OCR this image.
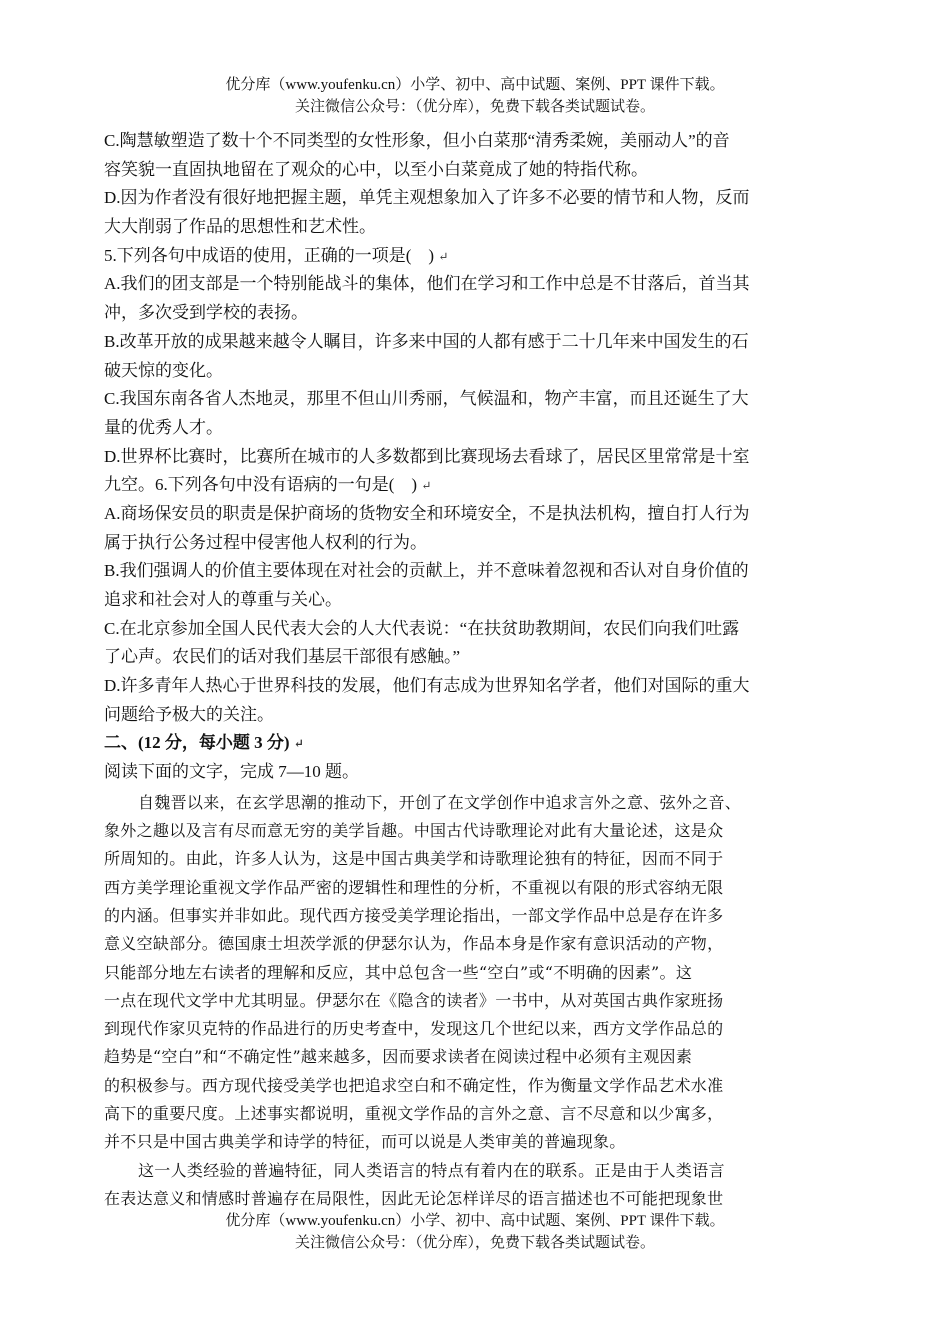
优分库（www.youfenku.cn）小学、初中、高中试题、案例、PPT 课件下载。
关注微信公众号：（优分库），免费下载各类试题试卷。
C.陶慧敏塑造了数十个不同类型的女性形象，但小白菜那“清秀柔婉，美丽动人”的音
容笑貌一直固执地留在了观众的心中，以至小白菜竟成了她的特指代称。
D.因为作者没有很好地把握主题，单凭主观想象加入了许多不必要的情节和人物，反而
大大削弱了作品的思想性和艺术性。
5.下列各句中成语的使用，正确的一项是(　) ↵
A.我们的团支部是一个特别能战斗的集体，他们在学习和工作中总是不甘落后，首当其
冲，多次受到学校的表扬。
B.改革开放的成果越来越令人瞩目，许多来中国的人都有感于二十几年来中国发生的石
破天惊的变化。
C.我国东南各省人杰地灵，那里不但山川秀丽，气候温和，物产丰富，而且还诞生了大
量的优秀人才。
D.世界杯比赛时，比赛所在城市的人多数都到比赛现场去看球了，居民区里常常是十室
九空。6.下列各句中没有语病的一句是(　) ↵
A.商场保安员的职责是保护商场的货物安全和环境安全，不是执法机构，擅自打人行为
属于执行公务过程中侵害他人权利的行为。
B.我们强调人的价值主要体现在对社会的贡献上，并不意味着忽视和否认对自身价值的
追求和社会对人的尊重与关心。
C.在北京参加全国人民代表大会的人大代表说：“在扶贫助教期间，农民们向我们吐露
了心声。农民们的话对我们基层干部很有感触。”
D.许多青年人热心于世界科技的发展，他们有志成为世界知名学者，他们对国际的重大
问题给予极大的关注。
二、(12 分，每小题 3 分) ↵
阅读下面的文字，完成 7—10 题。
自魏晋以来，在玄学思潮的推动下，开创了在文学创作中追求言外之意、弦外之音、
象外之趣以及言有尽而意无穷的美学旨趣。中国古代诗歌理论对此有大量论述，这是众
所周知的。由此，许多人认为，这是中国古典美学和诗歌理论独有的特征，因而不同于
西方美学理论重视文学作品严密的逻辑性和理性的分析，不重视以有限的形式容纳无限
的内涵。但事实并非如此。现代西方接受美学理论指出，一部文学作品中总是存在许多
意义空缺部分。德国康士坦茨学派的伊瑟尔认为，作品本身是作家有意识活动的产物，
只能部分地左右读者的理解和反应，其中总包含一些“空白”或“不明确的因素”。这
一点在现代文学中尤其明显。伊瑟尔在《隐含的读者》一书中，从对英国古典作家班扬
到现代作家贝克特的作品进行的历史考查中，发现这几个世纪以来，西方文学作品总的
趋势是“空白”和“不确定性”越来越多，因而要求读者在阅读过程中必须有主观因素
的积极参与。西方现代接受美学也把追求空白和不确定性，作为衡量文学作品艺术水准
高下的重要尺度。上述事实都说明，重视文学作品的言外之意、言不尽意和以少寓多，
并不只是中国古典美学和诗学的特征，而可以说是人类审美的普遍现象。
这一人类经验的普遍特征，同人类语言的特点有着内在的联系。正是由于人类语言
在表达意义和情感时普遍存在局限性，因此无论怎样详尽的语言描述也不可能把现象世
优分库（www.youfenku.cn）小学、初中、高中试题、案例、PPT 课件下载。
关注微信公众号：（优分库），免费下载各类试题试卷。
